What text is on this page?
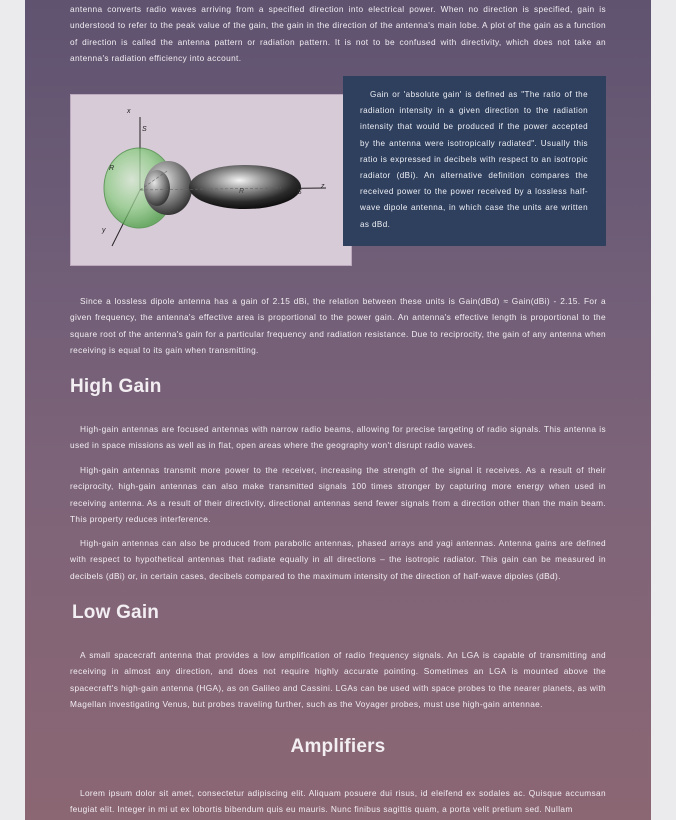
antenna converts radio waves arriving from a specified direction into electrical power. When no direction is specified, gain is understood to refer to the peak value of the gain, the gain in the direction of the antenna's main lobe. A plot of the gain as a function of direction is called the antenna pattern or radiation pattern. It is not to be confused with directivity, which does not take an antenna's radiation efficiency into account.

x
y
z
S
R
R	S

Gain or 'absolute gain' is defined as "The ratio of the radiation intensity in a given direction to the radiation intensity that would be produced if the power accepted by the antenna were isotropically radiated". Usually this ratio is expressed in decibels with respect to an isotropic radiator (dBi). An alternative definition compares the received power to the power received by a lossless half-wave dipole antenna, in which case the units are written as dBd.

Since a lossless dipole antenna has a gain of 2.15 dBi, the relation between these units is Gain(dBd) ≈ Gain(dBi) - 2.15. For a given frequency, the antenna's effective area is proportional to the power gain. An antenna's effective length is proportional to the square root of the antenna's gain for a particular frequency and radiation resistance. Due to reciprocity, the gain of any antenna when receiving is equal to its gain when transmitting.

High Gain

High-gain antennas are focused antennas with narrow radio beams, allowing for precise targeting of radio signals. This antenna is used in space missions as well as in flat, open areas where the geography won't disrupt radio waves.

High-gain antennas transmit more power to the receiver, increasing the strength of the signal it receives. As a result of their reciprocity, high-gain antennas can also make transmitted signals 100 times stronger by capturing more energy when used in receiving antenna. As a result of their directivity, directional antennas send fewer signals from a direction other than the main beam. This property reduces interference.

High-gain antennas can also be produced from parabolic antennas, phased arrays and yagi antennas. Antenna gains are defined with respect to hypothetical antennas that radiate equally in all directions – the isotropic radiator. This gain can be measured in decibels (dBi) or, in certain cases, decibels compared to the maximum intensity of the direction of half-wave dipoles (dBd).

Low Gain

A small spacecraft antenna that provides a low amplification of radio frequency signals. An LGA is capable of transmitting and receiving in almost any direction, and does not require highly accurate pointing. Sometimes an LGA is mounted above the spacecraft's high-gain antenna (HGA), as on Galileo and Cassini. LGAs can be used with space probes to the nearer planets, as with Magellan investigating Venus, but probes traveling further, such as the Voyager probes, must use high-gain antennae.

Amplifiers

Lorem ipsum dolor sit amet, consectetur adipiscing elit. Aliquam posuere dui risus, id eleifend ex sodales ac. Quisque accumsan feugiat elit. Integer in mi ut ex lobortis bibendum quis eu mauris. Nunc finibus sagittis quam, a porta velit pretium sed. Nullam
